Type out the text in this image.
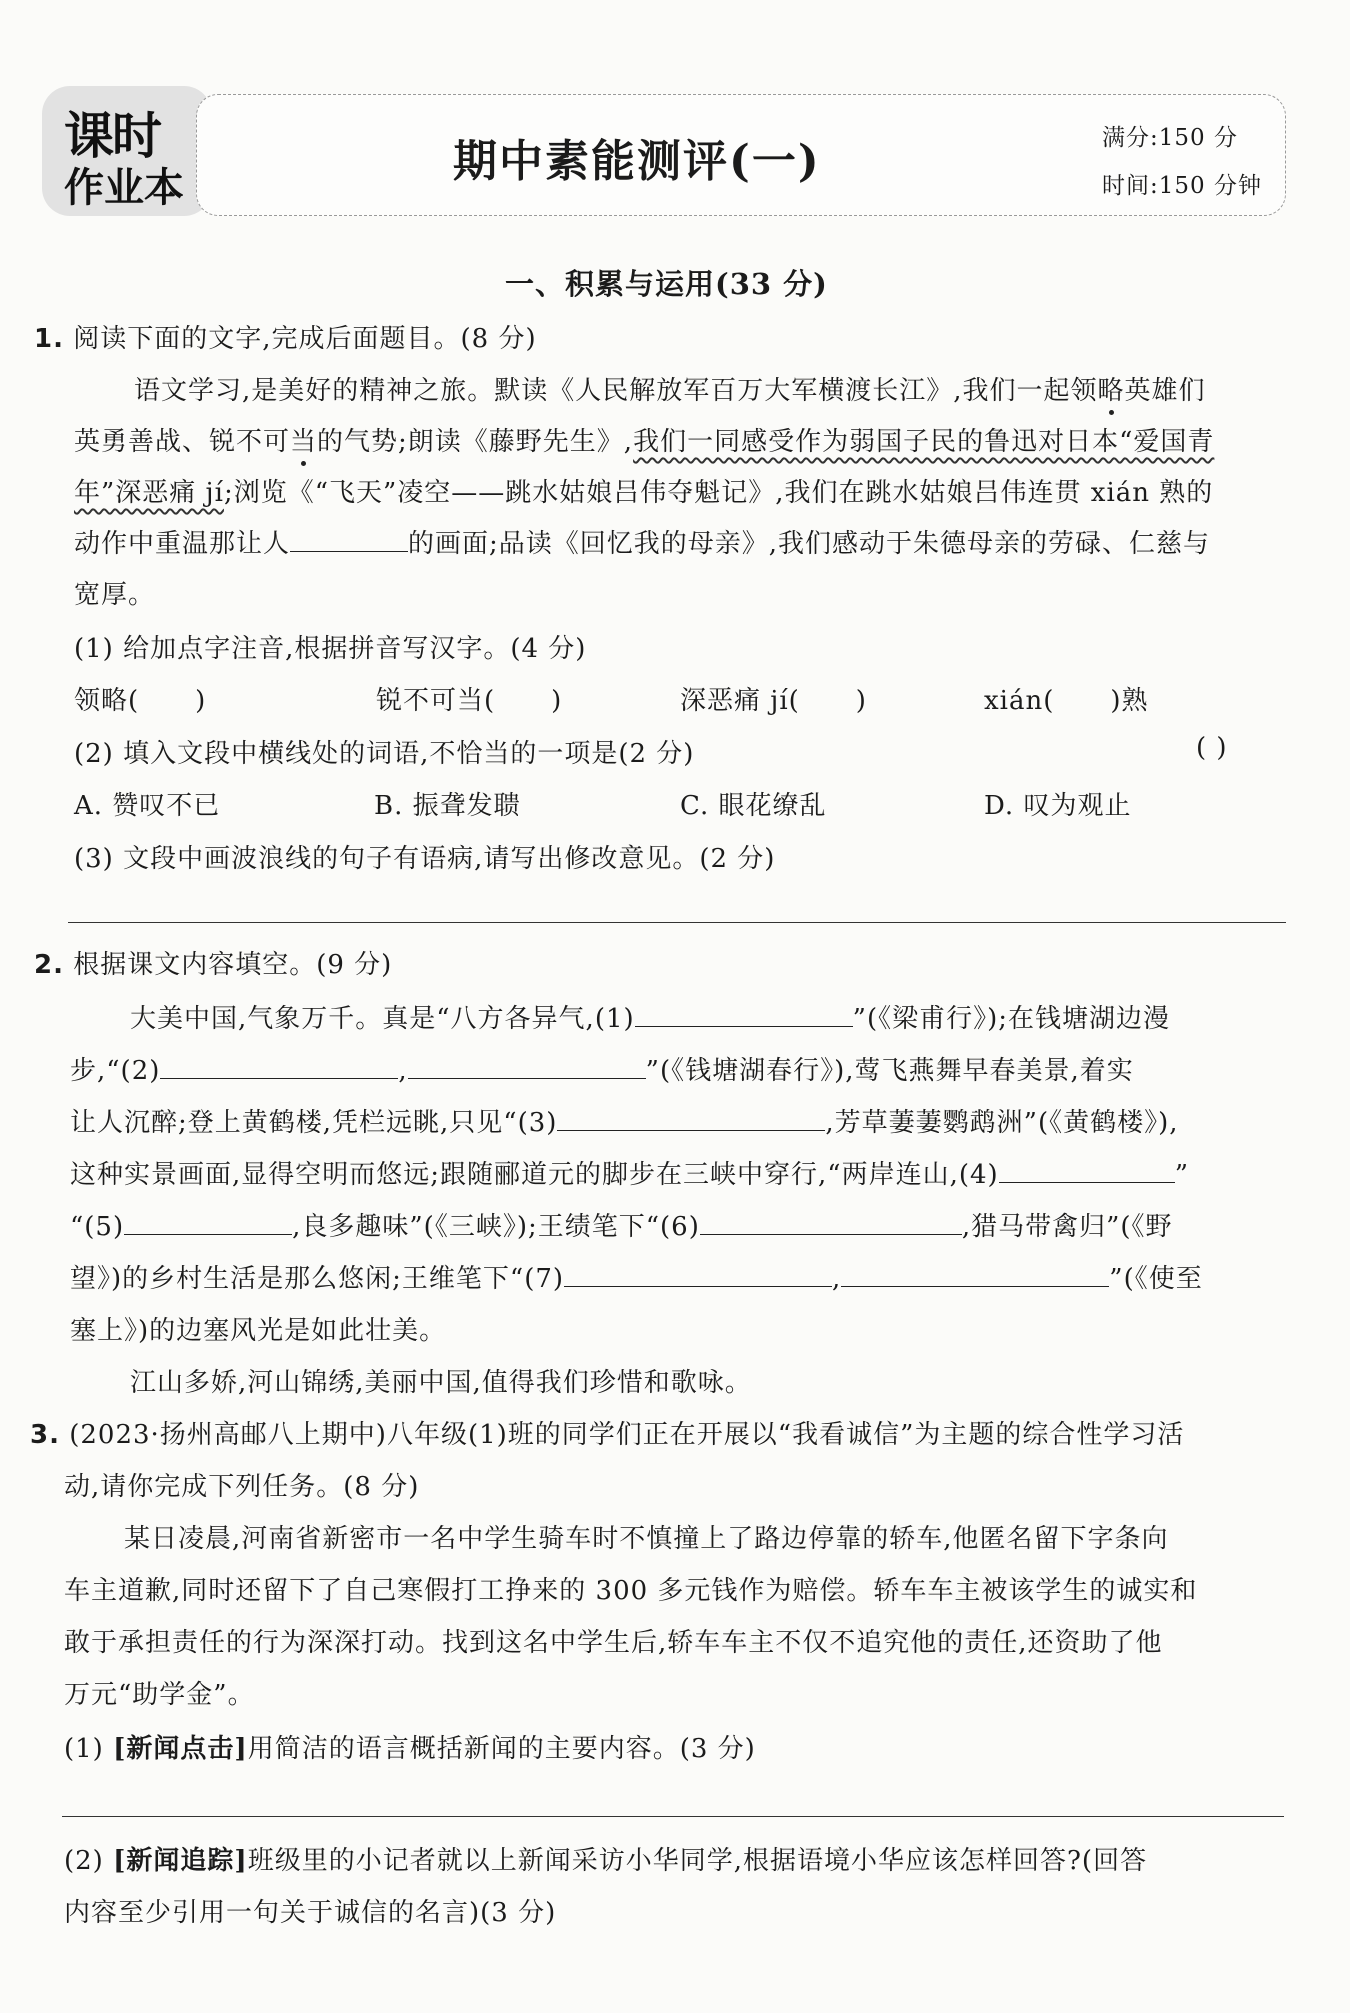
课时
作业本
期中素能测评(一)	满分:150 分
时间:150 分钟
一、积累与运用(33 分)
1. 阅读下面的文字,完成后面题目。(8 分)
语文学习,是美好的精神之旅。默读《人民解放军百万大军横渡长江》,我们一起领略英雄们
英勇善战、锐不可当的气势;朗读《藤野先生》,我们一同感受作为弱国子民的鲁迅对日本“爱国青
年”深恶痛 jí;浏览《“飞天”凌空——跳水姑娘吕伟夺魁记》,我们在跳水姑娘吕伟连贯 xián 熟的
动作中重温那让人	的画面;品读《回忆我的母亲》,我们感动于朱德母亲的劳碌、仁慈与
宽厚。
(1) 给加点字注音,根据拼音写汉字。(4 分)
领略( )	锐不可当( )	深恶痛 jí( )	xián( )熟
(2) 填入文段中横线处的词语,不恰当的一项是(2 分)	( )
A. 赞叹不已	B. 振聋发聩	C. 眼花缭乱	D. 叹为观止
(3) 文段中画波浪线的句子有语病,请写出修改意见。(2 分)
2. 根据课文内容填空。(9 分)
大美中国,气象万千。真是“八方各异气,(1)	”(《梁甫行》);在钱塘湖边漫
步,“(2)	,	”(《钱塘湖春行》),莺飞燕舞早春美景,着实
让人沉醉;登上黄鹤楼,凭栏远眺,只见“(3)	,芳草萋萋鹦鹉洲”(《黄鹤楼》),
这种实景画面,显得空明而悠远;跟随郦道元的脚步在三峡中穿行,“两岸连山,(4)	”
“(5)	,良多趣味”(《三峡》);王绩笔下“(6)	,猎马带禽归”(《野
望》)的乡村生活是那么悠闲;王维笔下“(7)	,	”(《使至
塞上》)的边塞风光是如此壮美。
江山多娇,河山锦绣,美丽中国,值得我们珍惜和歌咏。
3. (2023·扬州高邮八上期中)八年级(1)班的同学们正在开展以“我看诚信”为主题的综合性学习活
动,请你完成下列任务。(8 分)
某日凌晨,河南省新密市一名中学生骑车时不慎撞上了路边停靠的轿车,他匿名留下字条向
车主道歉,同时还留下了自己寒假打工挣来的 300 多元钱作为赔偿。轿车车主被该学生的诚实和
敢于承担责任的行为深深打动。找到这名中学生后,轿车车主不仅不追究他的责任,还资助了他
万元“助学金”。
(1) [新闻点击]用简洁的语言概括新闻的主要内容。(3 分)
(2) [新闻追踪]班级里的小记者就以上新闻采访小华同学,根据语境小华应该怎样回答?(回答
内容至少引用一句关于诚信的名言)(3 分)
